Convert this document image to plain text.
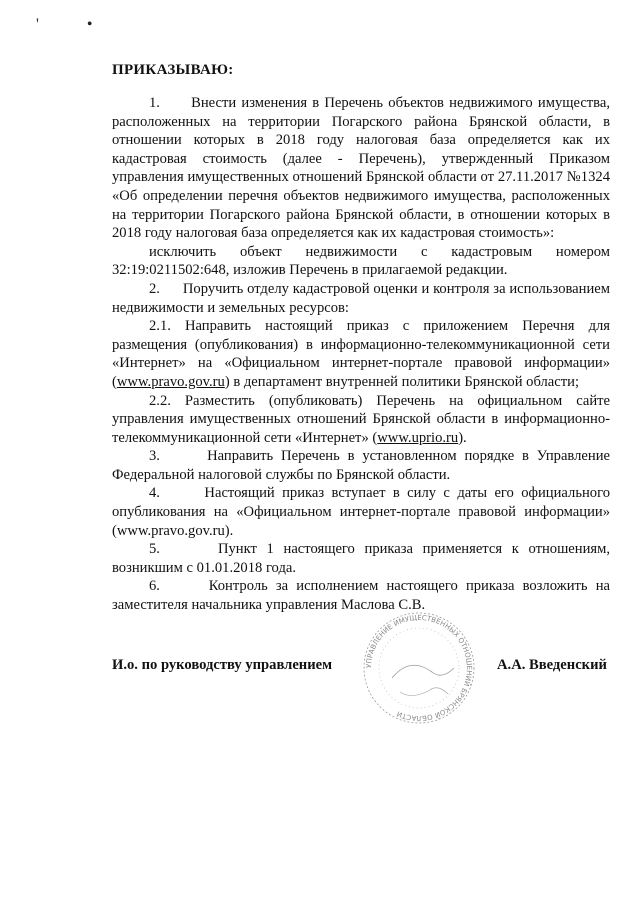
' •
ПРИКАЗЫВАЮ:

1. Внести изменения в Перечень объектов недвижимого имущества, расположенных на территории Погарского района Брянской области, в отношении которых в 2018 году налоговая база определяется как их кадастровая стоимость (далее - Перечень), утвержденный Приказом управления имущественных отношений Брянской области от 27.11.2017 №1324 «Об определении перечня объектов недвижимого имущества, расположенных на территории Погарского района Брянской области, в отношении которых в 2018 году налоговая база определяется как их кадастровая стоимость»:

исключить объект недвижимости с кадастровым номером 32:19:0211502:648, изложив Перечень в прилагаемой редакции.

2. Поручить отделу кадастровой оценки и контроля за использованием недвижимости и земельных ресурсов:

2.1. Направить настоящий приказ с приложением Перечня для размещения (опубликования) в информационно-телекоммуникационной сети «Интернет» на «Официальном интернет-портале правовой информации» (www.pravo.gov.ru) в департамент внутренней политики Брянской области;

2.2. Разместить (опубликовать) Перечень на официальном сайте управления имущественных отношений Брянской области в информационно-телекоммуникационной сети «Интернет» (www.uprio.ru).

3.	Направить Перечень в установленном порядке в Управление Федеральной налоговой службы по Брянской области.

4.	Настоящий приказ вступает в силу с даты его официального опубликования на «Официальном интернет-портале правовой информации» (www.pravo.gov.ru).

5.	Пункт 1 настоящего приказа применяется к отношениям, возникшим с 01.01.2018 года.

6.	Контроль за исполнением настоящего приказа возложить на заместителя начальника управления Маслова С.В.

УПРАВЛЕНИЕ ИМУЩЕСТВЕННЫХ ОТНОШЕНИЙ БРЯНСКОЙ ОБЛАСТИ
И.о. по руководству управлением	А.А. Введенский
